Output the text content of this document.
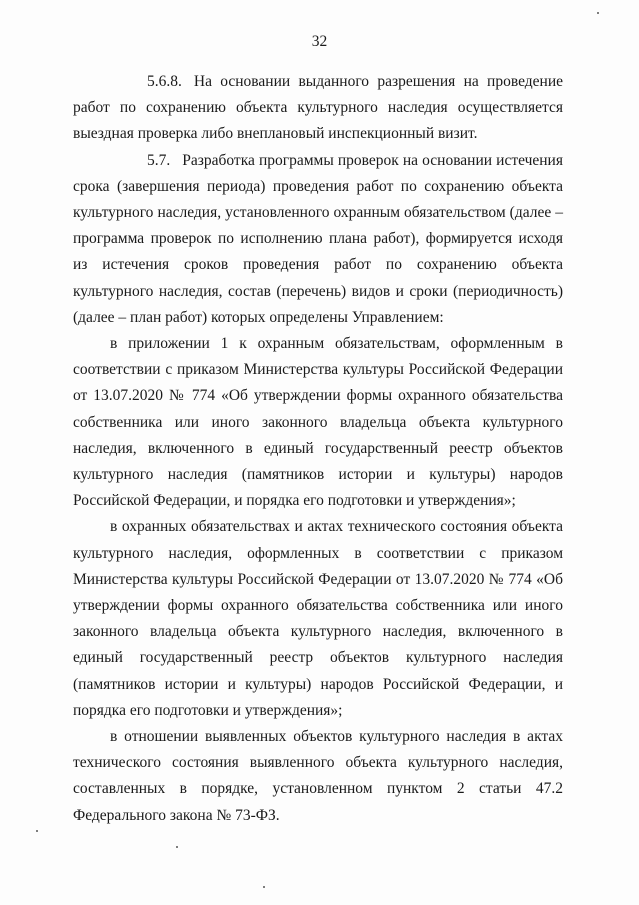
32

5.6.8. На основании выданного разрешения на проведение работ по сохранению объекта культурного наследия осуществляется выездная проверка либо внеплановый инспекционный визит.

5.7. Разработка программы проверок на основании истечения срока (завершения периода) проведения работ по сохранению объекта культурного наследия, установленного охранным обязательством (далее – программа проверок по исполнению плана работ), формируется исходя из истечения сроков проведения работ по сохранению объекта культурного наследия, состав (перечень) видов и сроки (периодичность) (далее – план работ) которых определены Управлением:

в приложении 1 к охранным обязательствам, оформленным в соответствии с приказом Министерства культуры Российской Федерации от 13.07.2020 № 774 «Об утверждении формы охранного обязательства собственника или иного законного владельца объекта культурного наследия, включенного в единый государственный реестр объектов культурного наследия (памятников истории и культуры) народов Российской Федерации, и порядка его подготовки и утверждения»;

в охранных обязательствах и актах технического состояния объекта культурного наследия, оформленных в соответствии с приказом Министерства культуры Российской Федерации от 13.07.2020 № 774 «Об утверждении формы охранного обязательства собственника или иного законного владельца объекта культурного наследия, включенного в единый государственный реестр объектов культурного наследия (памятников истории и культуры) народов Российской Федерации, и порядка его подготовки и утверждения»;

в отношении выявленных объектов культурного наследия в актах технического состояния выявленного объекта культурного наследия, составленных в порядке, установленном пунктом 2 статьи 47.2 Федерального закона № 73-ФЗ.
